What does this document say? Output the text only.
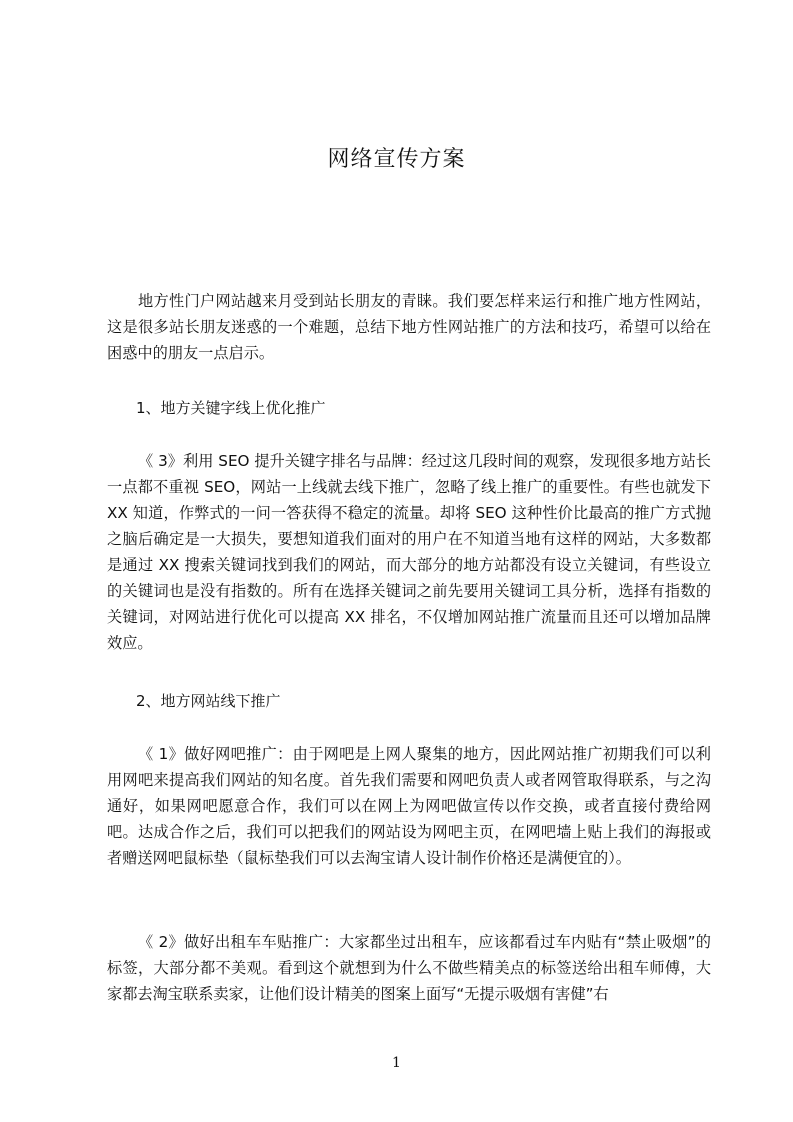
网络宣传方案

地方性门户网站越来月受到站长朋友的青睐。我们要怎样来运行和推广地方性网站，这是很多站长朋友迷惑的一个难题，总结下地方性网站推广的方法和技巧，希望可以给在困惑中的朋友一点启示。

1、地方关键字线上优化推广

《 3》利用 SEO 提升关键字排名与品牌：经过这几段时间的观察，发现很多地方站长一点都不重视 SEO，网站一上线就去线下推广，忽略了线上推广的重要性。有些也就发下 XX 知道，作弊式的一问一答获得不稳定的流量。却将 SEO 这种性价比最高的推广方式抛之脑后确定是一大损失，要想知道我们面对的用户在不知道当地有这样的网站，大多数都是通过 XX 搜索关键词找到我们的网站，而大部分的地方站都没有设立关键词，有些设立的关键词也是没有指数的。所有在选择关键词之前先要用关键词工具分析，选择有指数的关键词，对网站进行优化可以提高 XX 排名，不仅增加网站推广流量而且还可以增加品牌效应。

2、地方网站线下推广

《 1》做好网吧推广：由于网吧是上网人聚集的地方，因此网站推广初期我们可以利用网吧来提高我们网站的知名度。首先我们需要和网吧负责人或者网管取得联系，与之沟通好，如果网吧愿意合作，我们可以在网上为网吧做宣传以作交换，或者直接付费给网吧。达成合作之后，我们可以把我们的网站设为网吧主页，在网吧墙上贴上我们的海报或者赠送网吧鼠标垫（鼠标垫我们可以去淘宝请人设计制作价格还是满便宜的）。

《 2》做好出租车车贴推广：大家都坐过出租车，应该都看过车内贴有“禁止吸烟”的标签，大部分都不美观。看到这个就想到为什么不做些精美点的标签送给出租车师傅，大家都去淘宝联系卖家，让他们设计精美的图案上面写“无提示吸烟有害健”右

1
